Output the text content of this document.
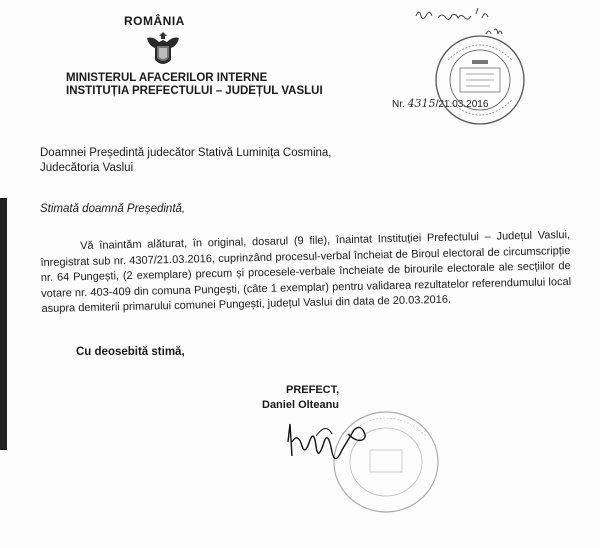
ROMÂNIA
MINISTERUL AFACERILOR INTERNE
INSTITUȚIA PREFECTULUI – JUDEȚUL VASLUI
Nr. 4315/21.03.2016
Doamnei Președintă judecător Stativă Luminița Cosmina,
Judecătoria Vaslui
Stimată doamnă Președintă,

Vă înaintăm alăturat, în original, dosarul (9 file), înaintat Instituției Prefectului – Județul Vaslui, înregistrat sub nr. 4307/21.03.2016, cuprinzând procesul-verbal încheiat de Biroul electoral de circumscripție nr. 64 Pungești, (2 exemplare) precum și procesele-verbale încheiate de birourile electorale ale secțiilor de votare nr. 403-409 din comuna Pungești, (câte 1 exemplar) pentru validarea rezultatelor referendumului local asupra demiterii primarului comunei Pungești, județul Vaslui din data de 20.03.2016.

Cu deosebită stimă,
PREFECT,
Daniel Olteanu
